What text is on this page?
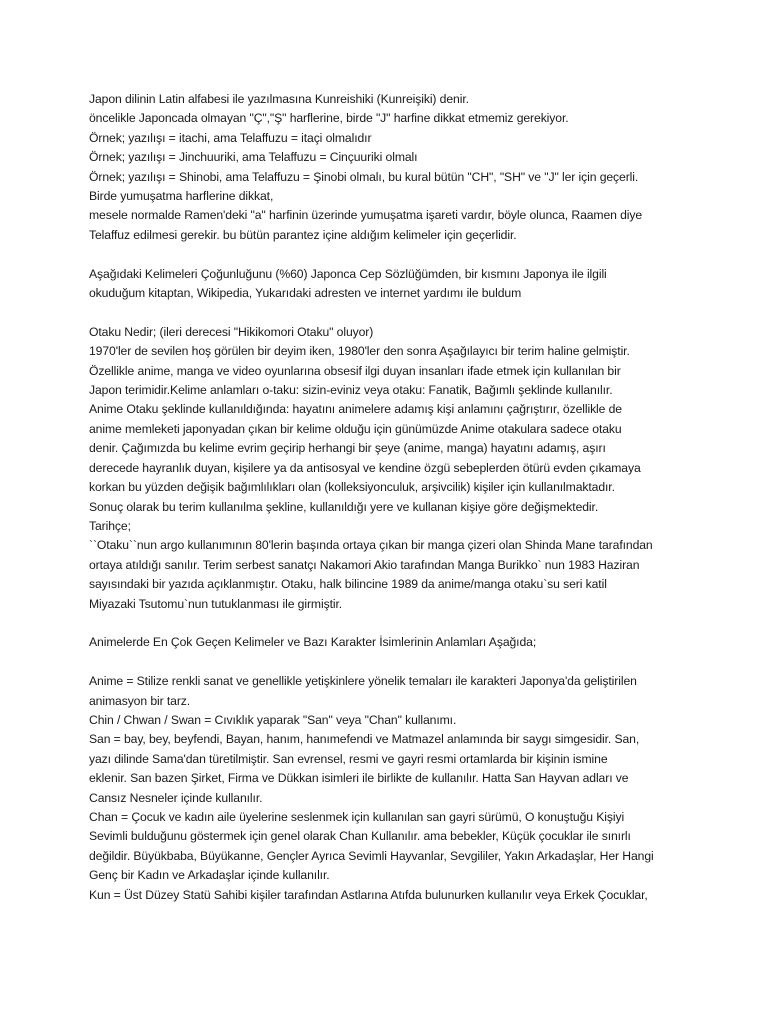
Japon dilinin Latin alfabesi ile yazılmasına Kunreishiki (Kunreişiki) denir.
öncelikle Japoncada olmayan "Ç","Ş" harflerine, birde "J" harfine dikkat etmemiz gerekiyor.
Örnek; yazılışı = itachi, ama Telaffuzu = itaçi olmalıdır
Örnek; yazılışı = Jinchuuriki, ama Telaffuzu = Cinçuuriki olmalı
Örnek; yazılışı = Shinobi, ama Telaffuzu = Şinobi olmalı, bu kural bütün "CH", "SH" ve "J" ler için geçerli.
Birde yumuşatma harflerine dikkat,
mesele normalde Ramen'deki "a" harfinin üzerinde yumuşatma işareti vardır, böyle olunca, Raamen diye
Telaffuz edilmesi gerekir. bu bütün parantez içine aldığım kelimeler için geçerlidir.
Aşağıdaki Kelimeleri Çoğunluğunu (%60) Japonca Cep Sözlüğümden, bir kısmını Japonya ile ilgili
okuduğum kitaptan, Wikipedia, Yukarıdaki adresten ve internet yardımı ile buldum
Otaku Nedir; (ileri derecesi "Hikikomori Otaku" oluyor)
1970'ler de sevilen hoş görülen bir deyim iken, 1980'ler den sonra Aşağılayıcı bir terim haline gelmiştir.
Özellikle anime, manga ve video oyunlarına obsesif ilgi duyan insanları ifade etmek için kullanılan bir
Japon terimidir.Kelime anlamları o-taku: sizin-eviniz veya otaku: Fanatik, Bağımlı şeklinde kullanılır.
Anime Otaku şeklinde kullanıldığında: hayatını animelere adamış kişi anlamını çağrıştırır, özellikle de
anime memleketi japonyadan çıkan bir kelime olduğu için günümüzde Anime otakulara sadece otaku
denir. Çağımızda bu kelime evrim geçirip herhangi bir şeye (anime, manga) hayatını adamış, aşırı
derecede hayranlık duyan, kişilere ya da antisosyal ve kendine özgü sebeplerden ötürü evden çıkamaya
korkan bu yüzden değişik bağımlılıkları olan (kolleksiyonculuk, arşivcilik) kişiler için kullanılmaktadır.
Sonuç olarak bu terim kullanılma şekline, kullanıldığı yere ve kullanan kişiye göre değişmektedir.
Tarihçe;
``Otaku``nun argo kullanımının 80'lerin başında ortaya çıkan bir manga çizeri olan Shinda Mane tarafından
ortaya atıldığı sanılır. Terim serbest sanatçı Nakamori Akio tarafından Manga Burikko` nun 1983 Haziran
sayısındaki bir yazıda açıklanmıştır. Otaku, halk bilincine 1989 da anime/manga otaku`su seri katil
Miyazaki Tsutomu`nun tutuklanması ile girmiştir.
Animelerde En Çok Geçen Kelimeler ve Bazı Karakter İsimlerinin Anlamları Aşağıda;
Anime = Stilize renkli sanat ve genellikle yetişkinlere yönelik temaları ile karakteri Japonya'da geliştirilen
animasyon bir tarz.
Chin / Chwan / Swan = Cıvıklık yaparak "San" veya "Chan" kullanımı.
San = bay, bey, beyfendi, Bayan, hanım, hanımefendi ve Matmazel anlamında bir saygı simgesidir. San,
yazı dilinde Sama'dan türetilmiştir. San evrensel, resmi ve gayri resmi ortamlarda bir kişinin ismine
eklenir. San bazen Şirket, Firma ve Dükkan isimleri ile birlikte de kullanılır. Hatta San Hayvan adları ve
Cansız Nesneler içinde kullanılır.
Chan = Çocuk ve kadın aile üyelerine seslenmek için kullanılan san gayri sürümü, O konuştuğu Kişiyi
Sevimli bulduğunu göstermek için genel olarak Chan Kullanılır. ama bebekler, Küçük çocuklar ile sınırlı
değildir. Büyükbaba, Büyükanne, Gençler Ayrıca Sevimli Hayvanlar, Sevgililer, Yakın Arkadaşlar, Her Hangi
Genç bir Kadın ve Arkadaşlar içinde kullanılır.
Kun = Üst Düzey Statü Sahibi kişiler tarafından Astlarına Atıfda bulunurken kullanılır veya Erkek Çocuklar,
